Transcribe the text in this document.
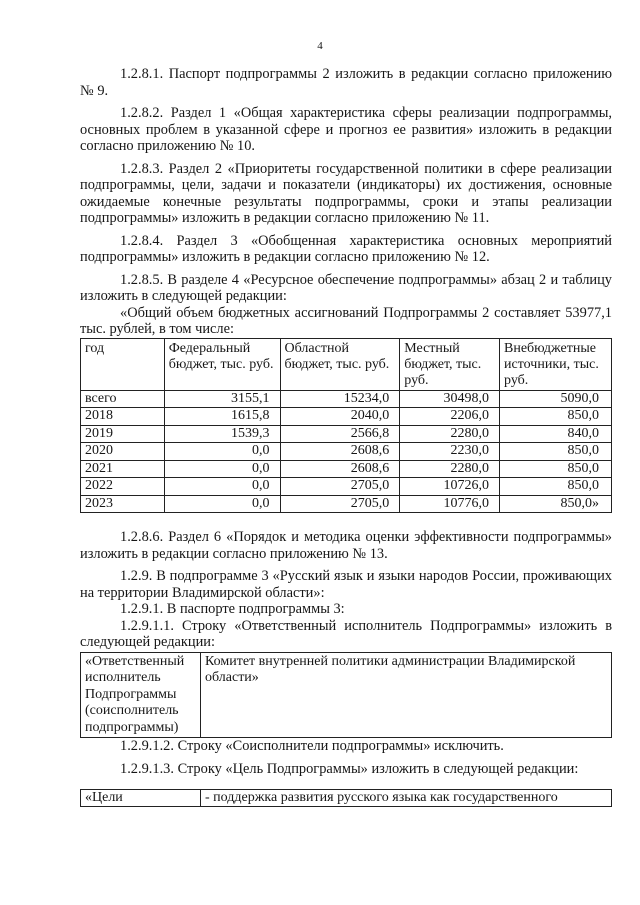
4

1.2.8.1. Паспорт подпрограммы 2 изложить в редакции согласно приложению № 9.

1.2.8.2. Раздел 1 «Общая характеристика сферы реализации подпрограммы, основных проблем в указанной сфере и прогноз ее развития» изложить в редакции согласно приложению № 10.

1.2.8.3. Раздел 2 «Приоритеты государственной политики в сфере реализации подпрограммы, цели, задачи и показатели (индикаторы) их достижения, основные ожидаемые конечные результаты подпрограммы, сроки и этапы реализации подпрограммы» изложить в редакции согласно приложению № 11.

1.2.8.4. Раздел 3 «Обобщенная характеристика основных мероприятий подпрограммы» изложить в редакции согласно приложению № 12.

1.2.8.5. В разделе 4 «Ресурсное обеспечение подпрограммы» абзац 2 и таблицу изложить в следующей редакции:

«Общий объем бюджетных ассигнований Подпрограммы 2 составляет 53977,1 тыс. рублей, в том числе:

год	Федеральный бюджет, тыс. руб.	Областной бюджет, тыс. руб.	Местный бюджет, тыс. руб.	Внебюджетные источники, тыс. руб.
всего	3155,1	15234,0	30498,0	5090,0
2018	1615,8	2040,0	2206,0	850,0
2019	1539,3	2566,8	2280,0	840,0
2020	0,0	2608,6	2230,0	850,0
2021	0,0	2608,6	2280,0	850,0
2022	0,0	2705,0	10726,0	850,0
2023	0,0	2705,0	10776,0	850,0»

1.2.8.6. Раздел 6 «Порядок и методика оценки эффективности подпрограммы» изложить в редакции согласно приложению № 13.

1.2.9. В подпрограмме 3 «Русский язык и языки народов России, проживающих на территории Владимирской области»:

1.2.9.1. В паспорте подпрограммы 3:

1.2.9.1.1. Строку «Ответственный исполнитель Подпрограммы» изложить в следующей редакции:

«Ответственный исполнитель Подпрограммы (соисполнитель подпрограммы)	Комитет внутренней политики администрации Владимирской области»

1.2.9.1.2. Строку «Соисполнители подпрограммы» исключить.

1.2.9.1.3. Строку «Цель Подпрограммы» изложить в следующей редакции:

«Цели	- поддержка развития русского языка как государственного
